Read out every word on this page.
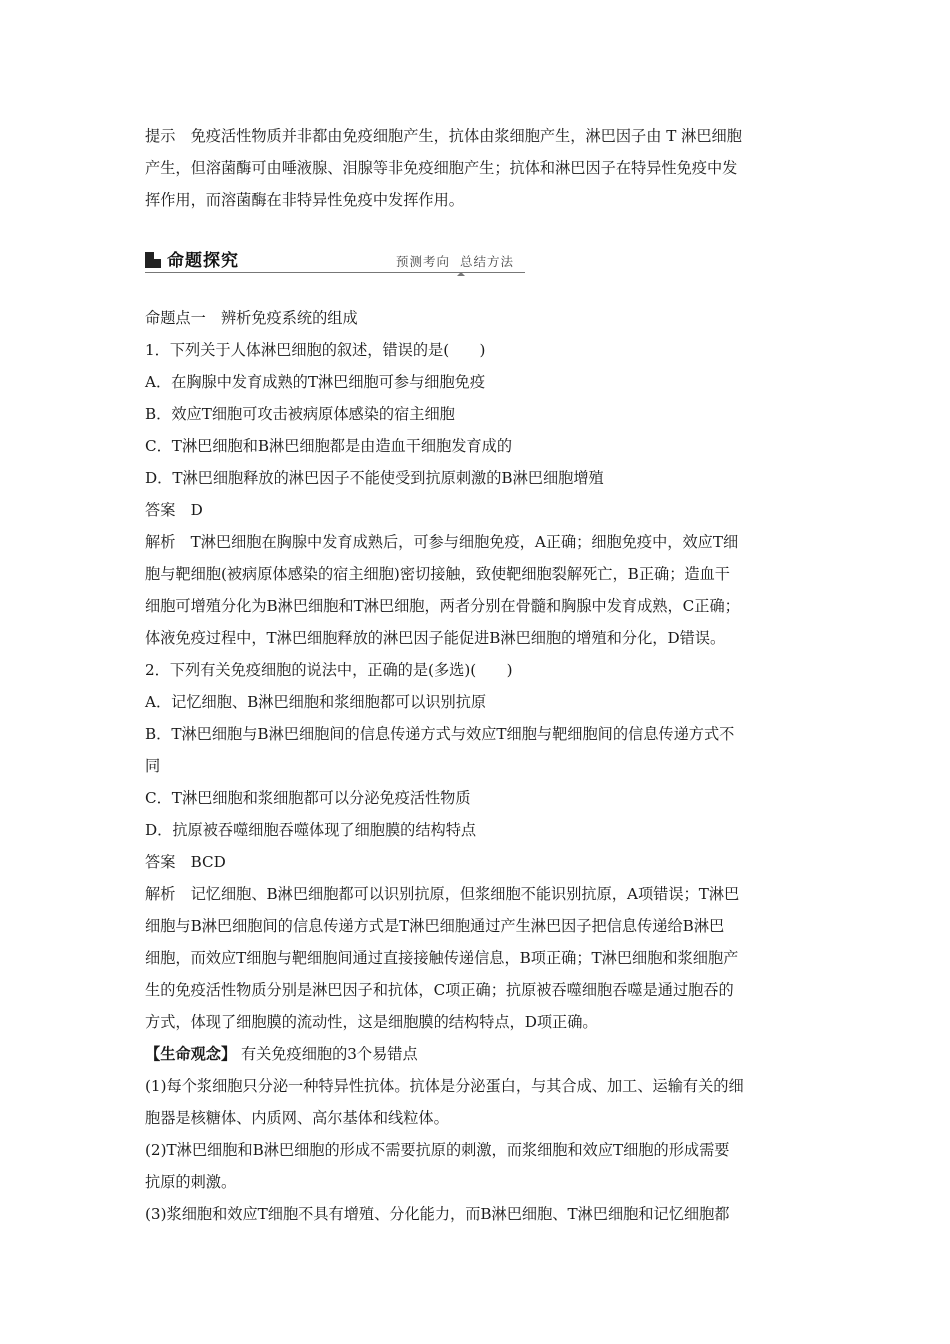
提示　免疫活性物质并非都由免疫细胞产生，抗体由浆细胞产生，淋巴因子由 T 淋巴细胞

产生，但溶菌酶可由唾液腺、泪腺等非免疫细胞产生；抗体和淋巴因子在特异性免疫中发

挥作用，而溶菌酶在非特异性免疫中发挥作用。

命题探究	预测考向 总结方法

命题点一　辨析免疫系统的组成

1．下列关于人体淋巴细胞的叙述，错误的是(　　)

A．在胸腺中发育成熟的T淋巴细胞可参与细胞免疫

B．效应T细胞可攻击被病原体感染的宿主细胞

C．T淋巴细胞和B淋巴细胞都是由造血干细胞发育成的

D．T淋巴细胞释放的淋巴因子不能使受到抗原刺激的B淋巴细胞增殖

答案　D

解析　T淋巴细胞在胸腺中发育成熟后，可参与细胞免疫，A正确；细胞免疫中，效应T细

胞与靶细胞(被病原体感染的宿主细胞)密切接触，致使靶细胞裂解死亡，B正确；造血干

细胞可增殖分化为B淋巴细胞和T淋巴细胞，两者分别在骨髓和胸腺中发育成熟，C正确；

体液免疫过程中，T淋巴细胞释放的淋巴因子能促进B淋巴细胞的增殖和分化，D错误。

2．下列有关免疫细胞的说法中，正确的是(多选)(　　)

A．记忆细胞、B淋巴细胞和浆细胞都可以识别抗原

B．T淋巴细胞与B淋巴细胞间的信息传递方式与效应T细胞与靶细胞间的信息传递方式不

同

C．T淋巴细胞和浆细胞都可以分泌免疫活性物质

D．抗原被吞噬细胞吞噬体现了细胞膜的结构特点

答案　BCD

解析　记忆细胞、B淋巴细胞都可以识别抗原，但浆细胞不能识别抗原，A项错误；T淋巴

细胞与B淋巴细胞间的信息传递方式是T淋巴细胞通过产生淋巴因子把信息传递给B淋巴

细胞，而效应T细胞与靶细胞间通过直接接触传递信息，B项正确；T淋巴细胞和浆细胞产

生的免疫活性物质分别是淋巴因子和抗体，C项正确；抗原被吞噬细胞吞噬是通过胞吞的

方式，体现了细胞膜的流动性，这是细胞膜的结构特点，D项正确。

【生命观念】 有关免疫细胞的3个易错点

(1)每个浆细胞只分泌一种特异性抗体。抗体是分泌蛋白，与其合成、加工、运输有关的细

胞器是核糖体、内质网、高尔基体和线粒体。

(2)T淋巴细胞和B淋巴细胞的形成不需要抗原的刺激，而浆细胞和效应T细胞的形成需要

抗原的刺激。

(3)浆细胞和效应T细胞不具有增殖、分化能力，而B淋巴细胞、T淋巴细胞和记忆细胞都
